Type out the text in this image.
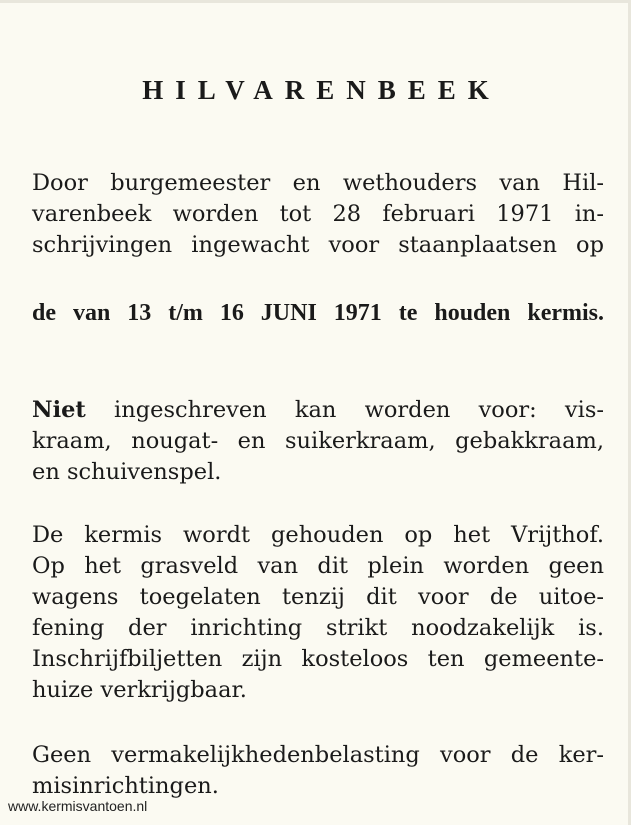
HILVARENBEEK
Door burgemeester en wethouders van Hil-
varenbeek worden tot 28 februari 1971 in-
schrijvingen ingewacht voor staanplaatsen op
de van 13 t/m 16 JUNI 1971 te houden kermis.
Niet ingeschreven kan worden voor: vis-
kraam, nougat- en suikerkraam, gebakkraam,
en schuivenspel.
De kermis wordt gehouden op het Vrijthof.
Op het grasveld van dit plein worden geen
wagens toegelaten tenzij dit voor de uitoe-
fening der inrichting strikt noodzakelijk is.
Inschrijfbiljetten zijn kosteloos ten gemeente-
huize verkrijgbaar.
Geen vermakelijkhedenbelasting voor de ker-
misinrichtingen.
www.kermisvantoen.nl
